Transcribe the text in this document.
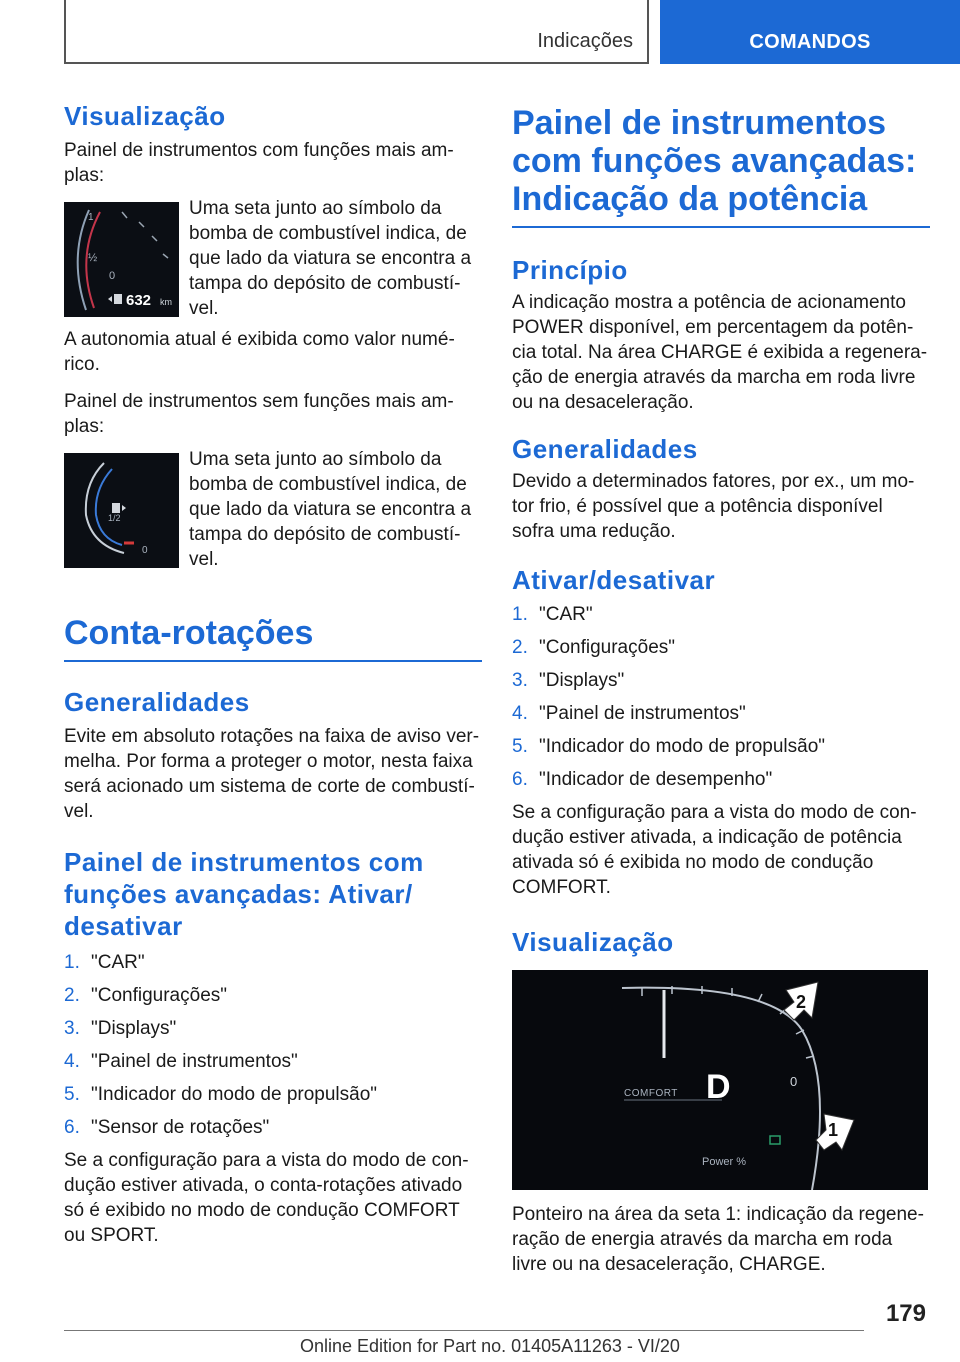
Indicações	COMANDOS
Visualização

Painel de instrumentos com funções mais am-plas:

1
½
0
632 km
Uma seta junto ao símbolo da bomba de combustível indica, de que lado da viatura se encontra a tampa do depósito de combustí-vel.

A autonomia atual é exibida como valor numé-rico.

Painel de instrumentos sem funções mais am-plas:

1/2
0
Uma seta junto ao símbolo da bomba de combustível indica, de que lado da viatura se encontra a tampa do depósito de combustí-vel.
Conta-rotações
Generalidades

Evite em absoluto rotações na faixa de aviso ver-melha. Por forma a proteger o motor, nesta faixa será acionado um sistema de corte de combustí-vel.

Painel de instrumentos com funções avançadas: Ativar/ desativar
1. "CAR"
2. "Configurações"
3. "Displays"
4. "Painel de instrumentos"
5. "Indicador do modo de propulsão"
6. "Sensor de rotações"

Se a configuração para a vista do modo de con-dução estiver ativada, o conta-rotações ativado só é exibido no modo de condução COMFORT ou SPORT.

Painel de instrumentos com funções avançadas: Indicação da potência
Princípio

A indicação mostra a potência de acionamento POWER disponível, em percentagem da potên-cia total. Na área CHARGE é exibida a regenera-ção de energia através da marcha em roda livre ou na desaceleração.

Generalidades

Devido a determinados fatores, por ex., um mo-tor frio, é possível que a potência disponível sofra uma redução.

Ativar/desativar
1. "CAR"
2. "Configurações"
3. "Displays"
4. "Painel de instrumentos"
5. "Indicador do modo de propulsão"
6. "Indicador de desempenho"

Se a configuração para a vista do modo de con-dução estiver ativada, a indicação de potência ativada só é exibida no modo de condução COMFORT.

Visualização
D
COMFORT
Power %
0
2
1

Ponteiro na área da seta 1: indicação da regene-ração de energia através da marcha em roda livre ou na desaceleração, CHARGE.

179
Online Edition for Part no. 01405A11263 - VI/20
